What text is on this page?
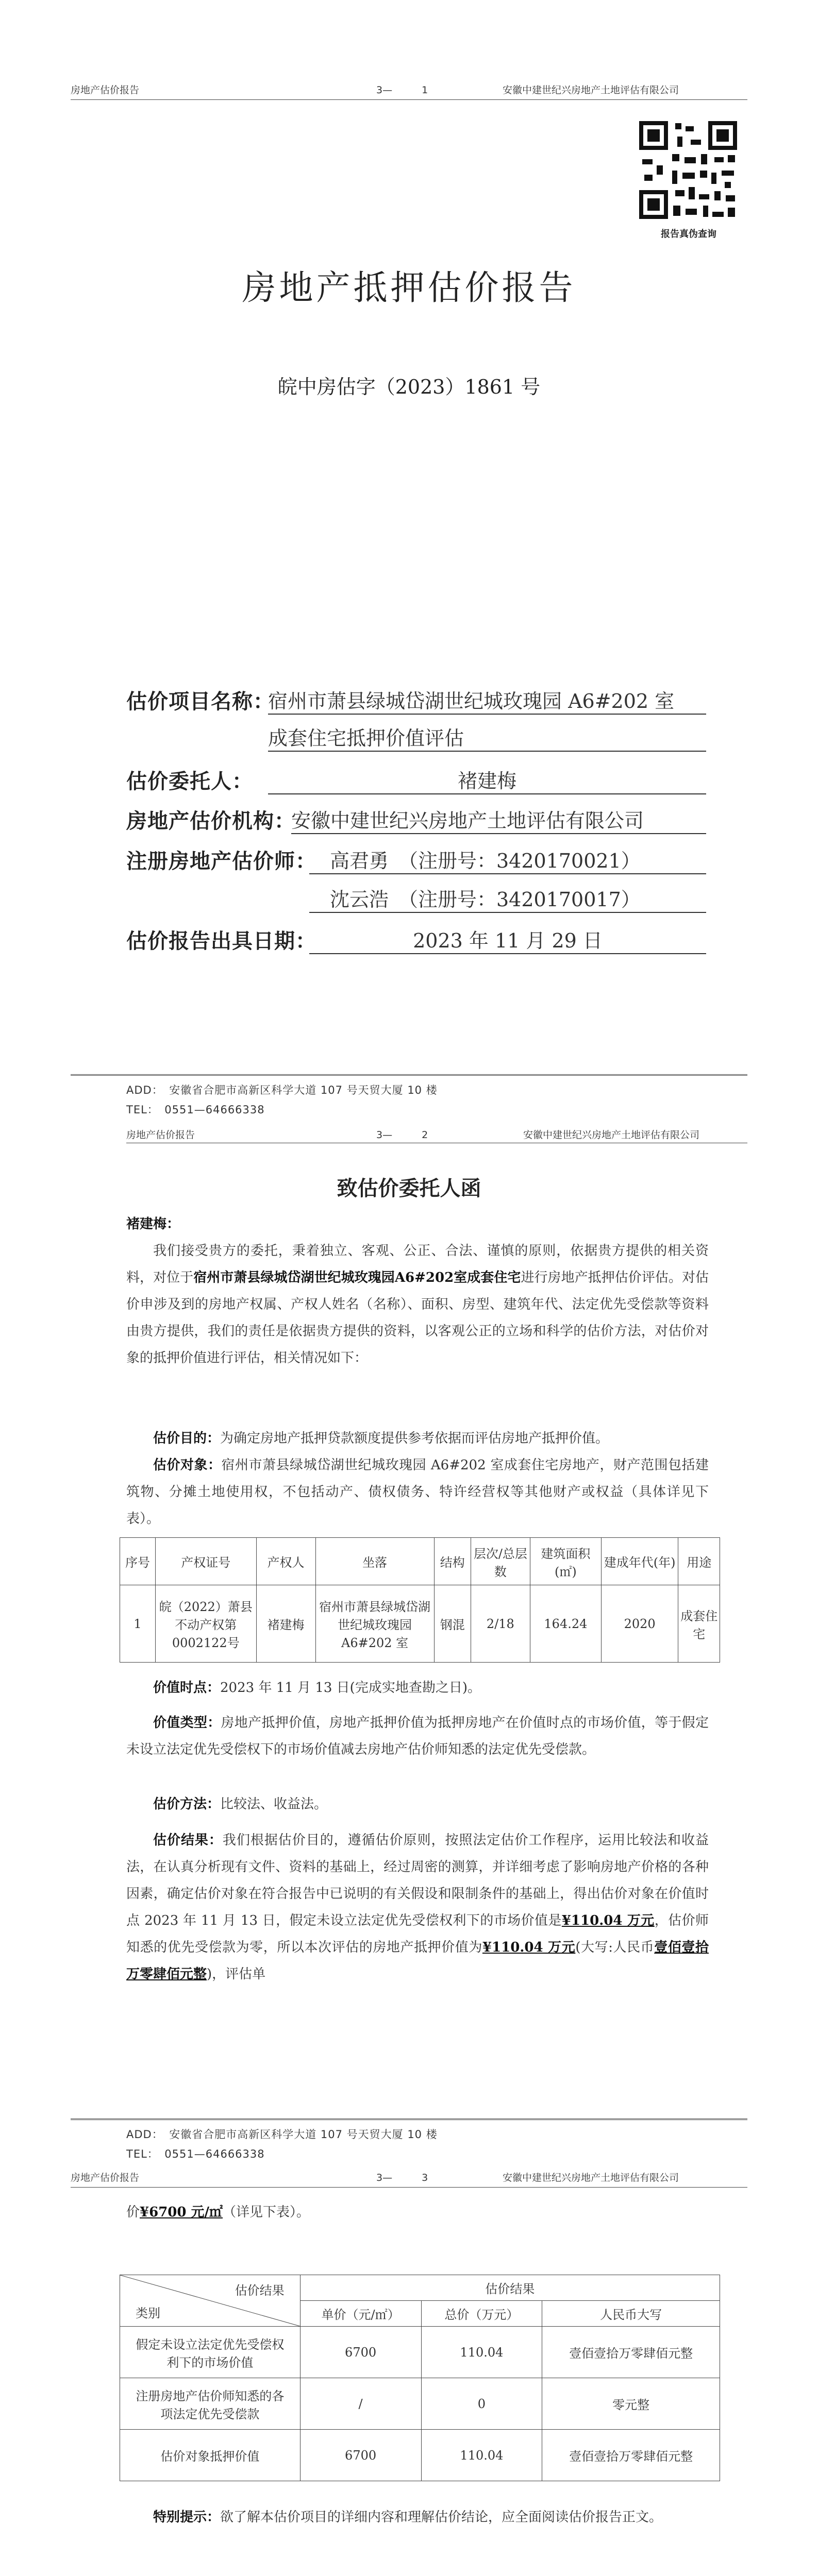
房地产估价报告	3—　　　1	安徽中建世纪兴房地产土地评估有限公司
报告真伪查询
房地产抵押估价报告
皖中房估字（2023）1861 号
估价项目名称：
宿州市萧县绿城岱湖世纪城玫瑰园 A6#202 室
成套住宅抵押价值评估
估价委托人：	褚建梅
房地产估价机构：
安徽中建世纪兴房地产土地评估有限公司
注册房地产估价师： 高君勇　（注册号：3420170021）
沈云浩　（注册号：3420170017）
估价报告出具日期：	2023 年 11 月 29 日
ADD：　安徽省合肥市高新区科学大道 107 号天贸大厦 10 楼
TEL：　0551—64666338
房地产估价报告	3—　　　2	安徽中建世纪兴房地产土地评估有限公司
致估价委托人函
褚建梅：
我们接受贵方的委托，秉着独立、客观、公正、合法、谨慎的原则，依据贵方提供的相关资料，对位于宿州市萧县绿城岱湖世纪城玫瑰园A6#202室成套住宅进行房地产抵押估价评估。对估价申涉及到的房地产权属、产权人姓名（名称）、面积、房型、建筑年代、法定优先受偿款等资料由贵方提供，我们的责任是依据贵方提供的资料，以客观公正的立场和科学的估价方法，对估价对象的抵押价值进行评估，相关情况如下：
估价目的：为确定房地产抵押贷款额度提供参考依据而评估房地产抵押价值。
估价对象：宿州市萧县绿城岱湖世纪城玫瑰园 A6#202 室成套住宅房地产，财产范围包括建筑物、分摊土地使用权，不包括动产、债权债务、特许经营权等其他财产或权益（具体详见下表）。
序号	产权证号	产权人	坐落	结构	层次/总层数	建筑面积(㎡)	建成年代(年)	用途
1	皖（2022）萧县不动产权第0002122号	褚建梅	宿州市萧县绿城岱湖世纪城玫瑰园 A6#202 室	钢混	2/18	164.24	2020	成套住宅
价值时点：2023 年 11 月 13 日(完成实地查勘之日)。
价值类型：房地产抵押价值，房地产抵押价值为抵押房地产在价值时点的市场价值，等于假定未设立法定优先受偿权下的市场价值减去房地产估价师知悉的法定优先受偿款。
估价方法：比较法、收益法。
估价结果：我们根据估价目的，遵循估价原则，按照法定估价工作程序，运用比较法和收益法，在认真分析现有文件、资料的基础上，经过周密的测算，并详细考虑了影响房地产价格的各种因素，确定估价对象在符合报告中已说明的有关假设和限制条件的基础上，得出估价对象在价值时点 2023 年 11 月 13 日，假定未设立法定优先受偿权利下的市场价值是¥110.04 万元，估价师知悉的优先受偿款为零，所以本次评估的房地产抵押价值为¥110.04 万元(大写:人民币壹佰壹拾万零肆佰元整)，评估单
ADD：　安徽省合肥市高新区科学大道 107 号天贸大厦 10 楼
TEL：　0551—64666338
房地产估价报告	3—　　　3	安徽中建世纪兴房地产土地评估有限公司
价¥6700 元/㎡（详见下表）。
估价结果
类别	估价结果		
	单价（元/㎡）	总价（万元）	人民币大写
假定未设立法定优先受偿权利下的市场价值	6700	110.04	壹佰壹拾万零肆佰元整
注册房地产估价师知悉的各项法定优先受偿款	/	0	零元整
估价对象抵押价值	6700	110.04	壹佰壹拾万零肆佰元整
特别提示：欲了解本估价项目的详细内容和理解估价结论，应全面阅读估价报告正文。
